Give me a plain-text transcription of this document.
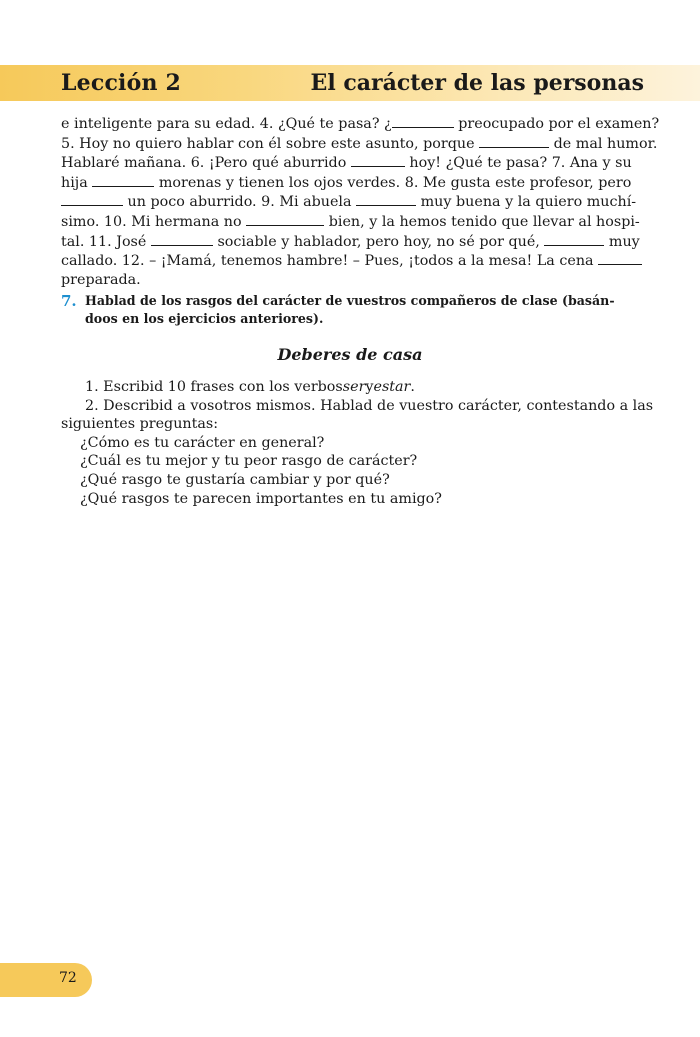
Lección 2	El carácter de las personas
e inteligente para su edad. 4. ¿Qué te pasa? ¿	preocupado por el examen?
5. Hoy no quiero hablar con él sobre este asunto, porque	de mal humor.
Hablaré mañana. 6. ¡Pero qué aburrido	hoy! ¿Qué te pasa? 7. Ana y su
hija	morenas y tienen los ojos verdes. 8. Me gusta este profesor, pero
un poco aburrido. 9. Mi abuela	muy buena y la quiero muchí-
simo. 10. Mi hermana no	bien, y la hemos tenido que llevar al hospi-
tal. 11. José	sociable y hablador, pero hoy, no sé por qué,	muy
callado. 12. – ¡Mamá, tenemos hambre! – Pues, ¡todos a la mesa! La cena
preparada.
7. Hablad de los rasgos del carácter de vuestros compañeros de clase (basán-
doos en los ejercicios anteriores).
Deberes de casa
1. Escribid 10 frases con los verbos ser y estar .
2. Describid a vosotros mismos. Hablad de vuestro carácter, contestando a las
siguientes preguntas:
¿Cómo es tu carácter en general?
¿Cuál es tu mejor y tu peor rasgo de carácter?
¿Qué rasgo te gustaría cambiar y por qué?
¿Qué rasgos te parecen importantes en tu amigo?
72
